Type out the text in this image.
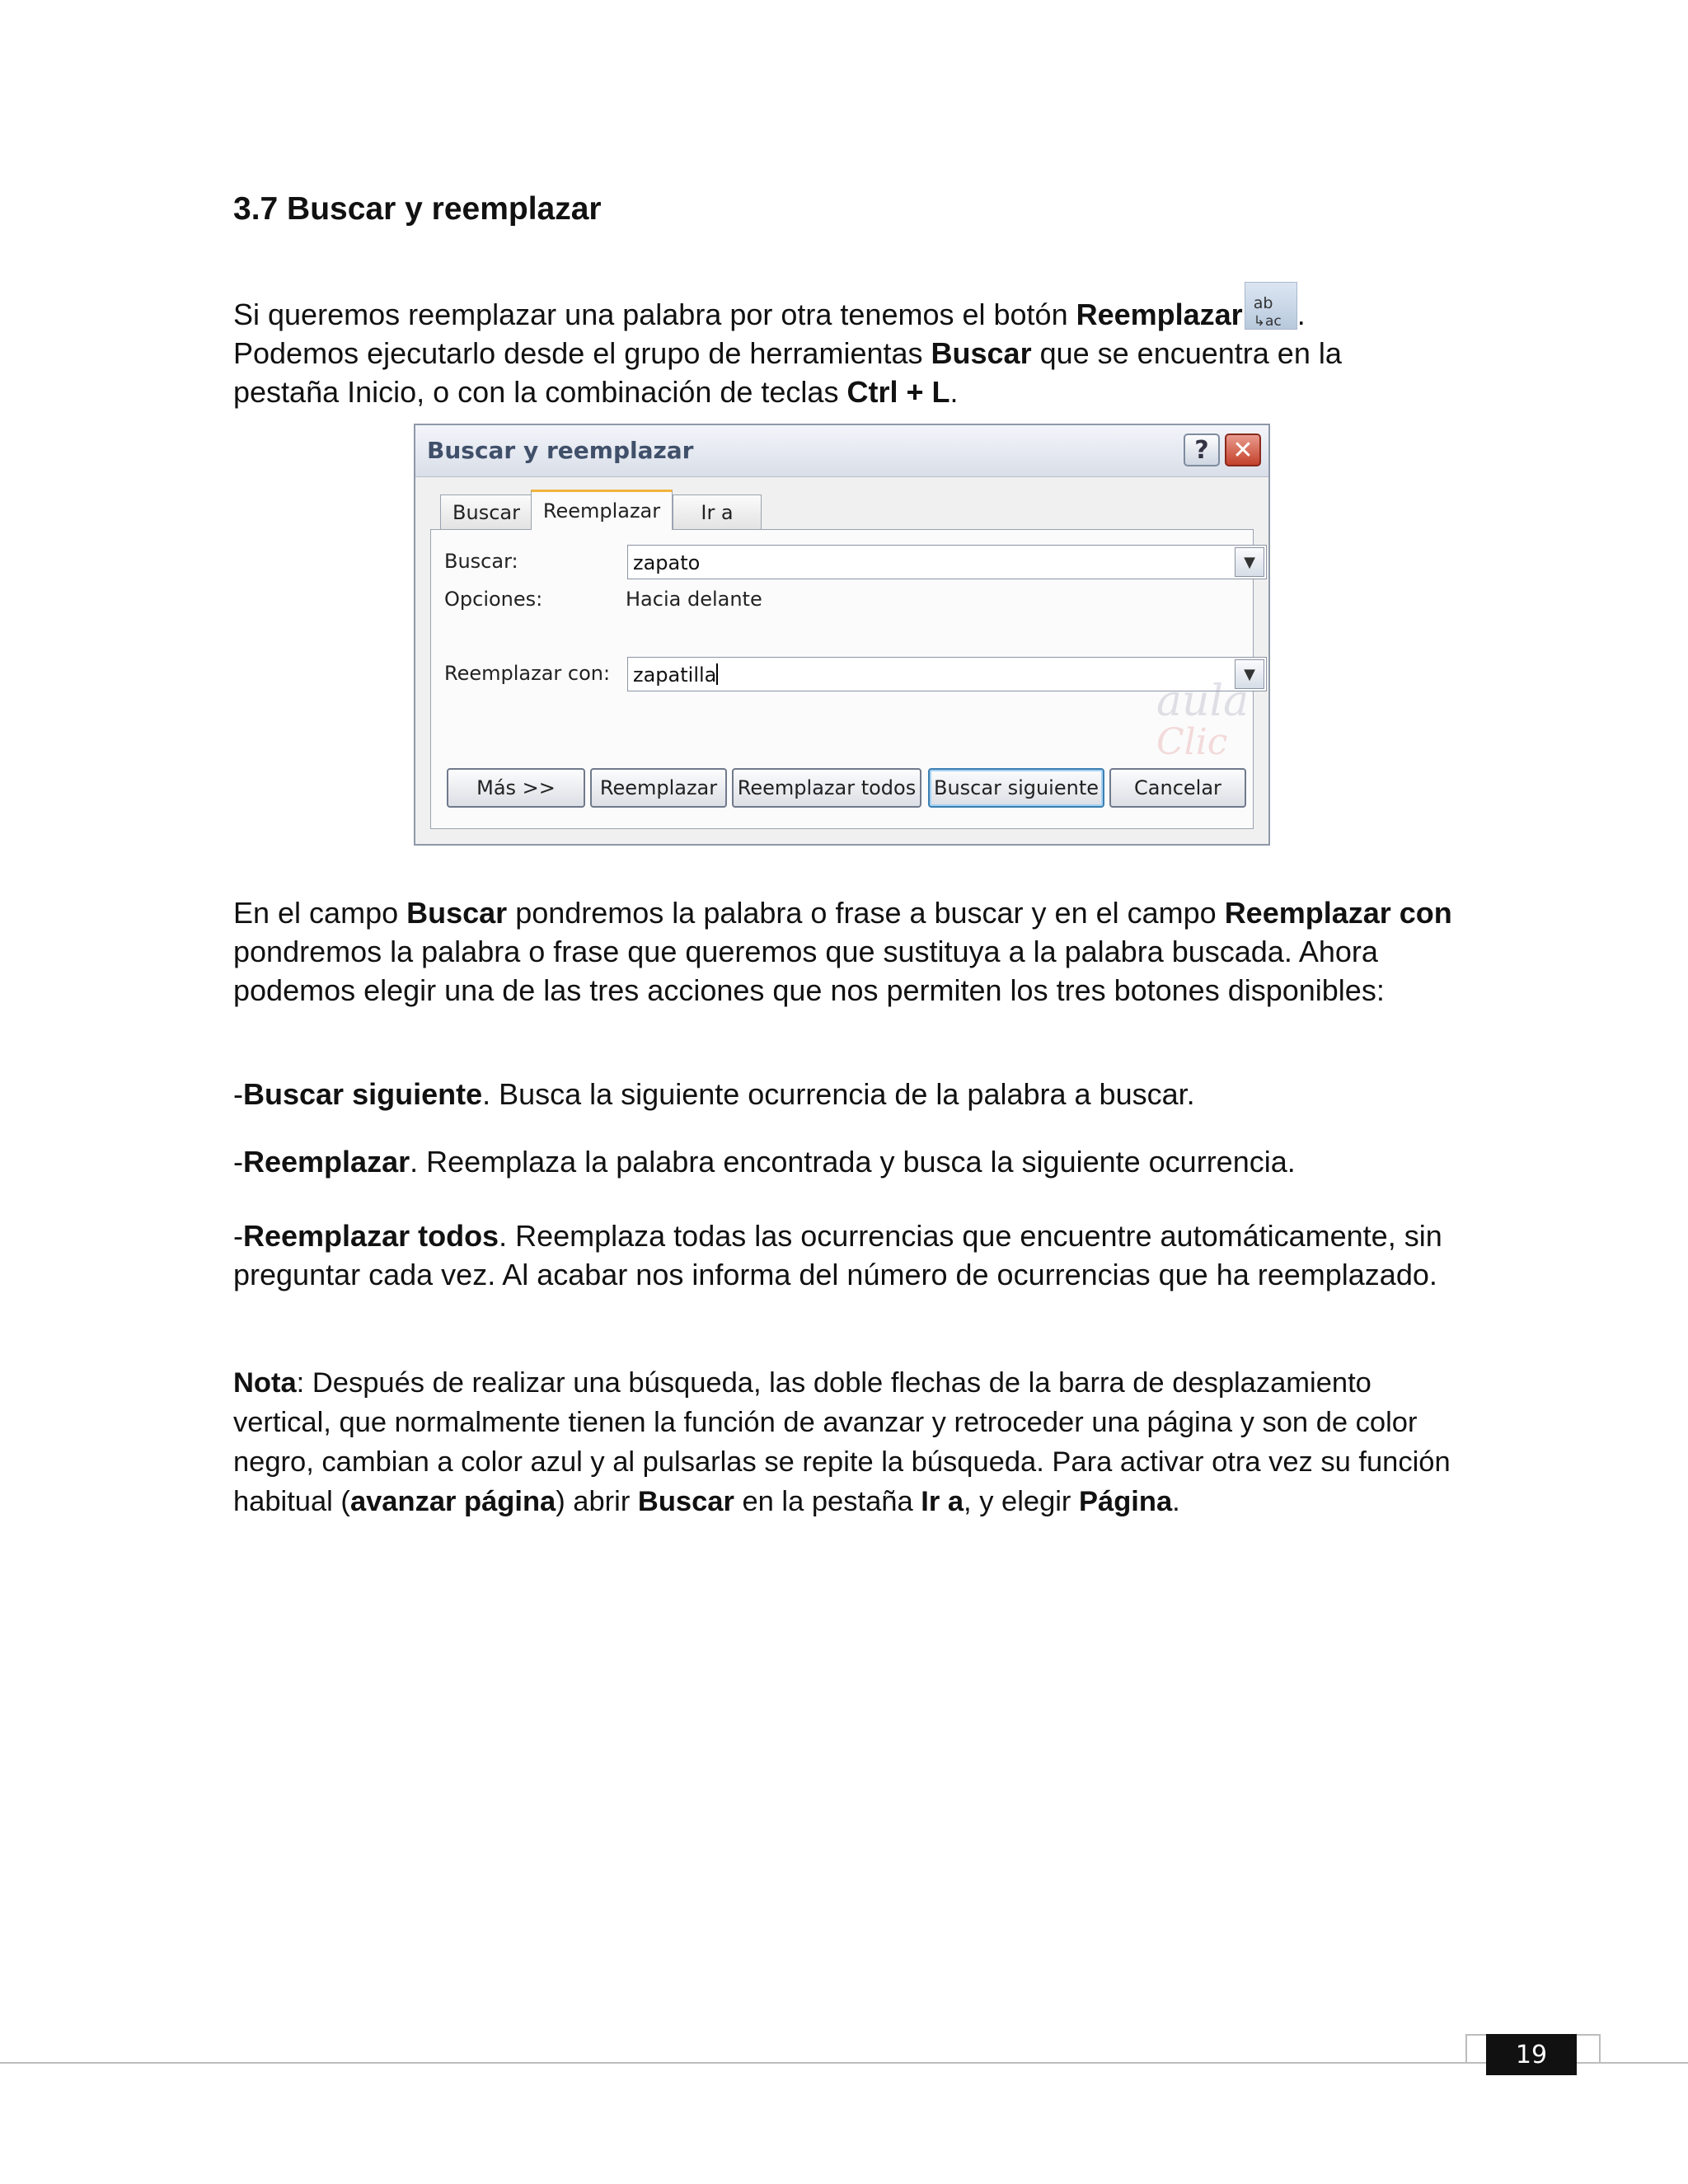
3.7 Buscar y reemplazar

Si queremos reemplazar una palabra por otra tenemos el botón Reemplazar ab
↳ac .
Podemos ejecutarlo desde el grupo de herramientas Buscar que se encuentra en la pestaña Inicio, o con la combinación de teclas Ctrl + L.

Buscar y reemplazar	? ✕
Buscar	Reemplazar	Ir a
Buscar:	zapato	▼
Opciones:	Hacia delante
Reemplazar con: zapatilla	▼
aula
Clic
Más >>	Reemplazar	Reemplazar todos Buscar siguiente	Cancelar

En el campo Buscar pondremos la palabra o frase a buscar y en el campo Reemplazar con pondremos la palabra o frase que queremos que sustituya a la palabra buscada. Ahora podemos elegir una de las tres acciones que nos permiten los tres botones disponibles:

-Buscar siguiente. Busca la siguiente ocurrencia de la palabra a buscar.

-Reemplazar. Reemplaza la palabra encontrada y busca la siguiente ocurrencia.

-Reemplazar todos. Reemplaza todas las ocurrencias que encuentre automáticamente, sin preguntar cada vez. Al acabar nos informa del número de ocurrencias que ha reemplazado.

Nota: Después de realizar una búsqueda, las doble flechas de la barra de desplazamiento vertical, que normalmente tienen la función de avanzar y retroceder una página y son de color negro, cambian a color azul y al pulsarlas se repite la búsqueda. Para activar otra vez su función habitual (avanzar página) abrir Buscar en la pestaña Ir a, y elegir Página.

19
